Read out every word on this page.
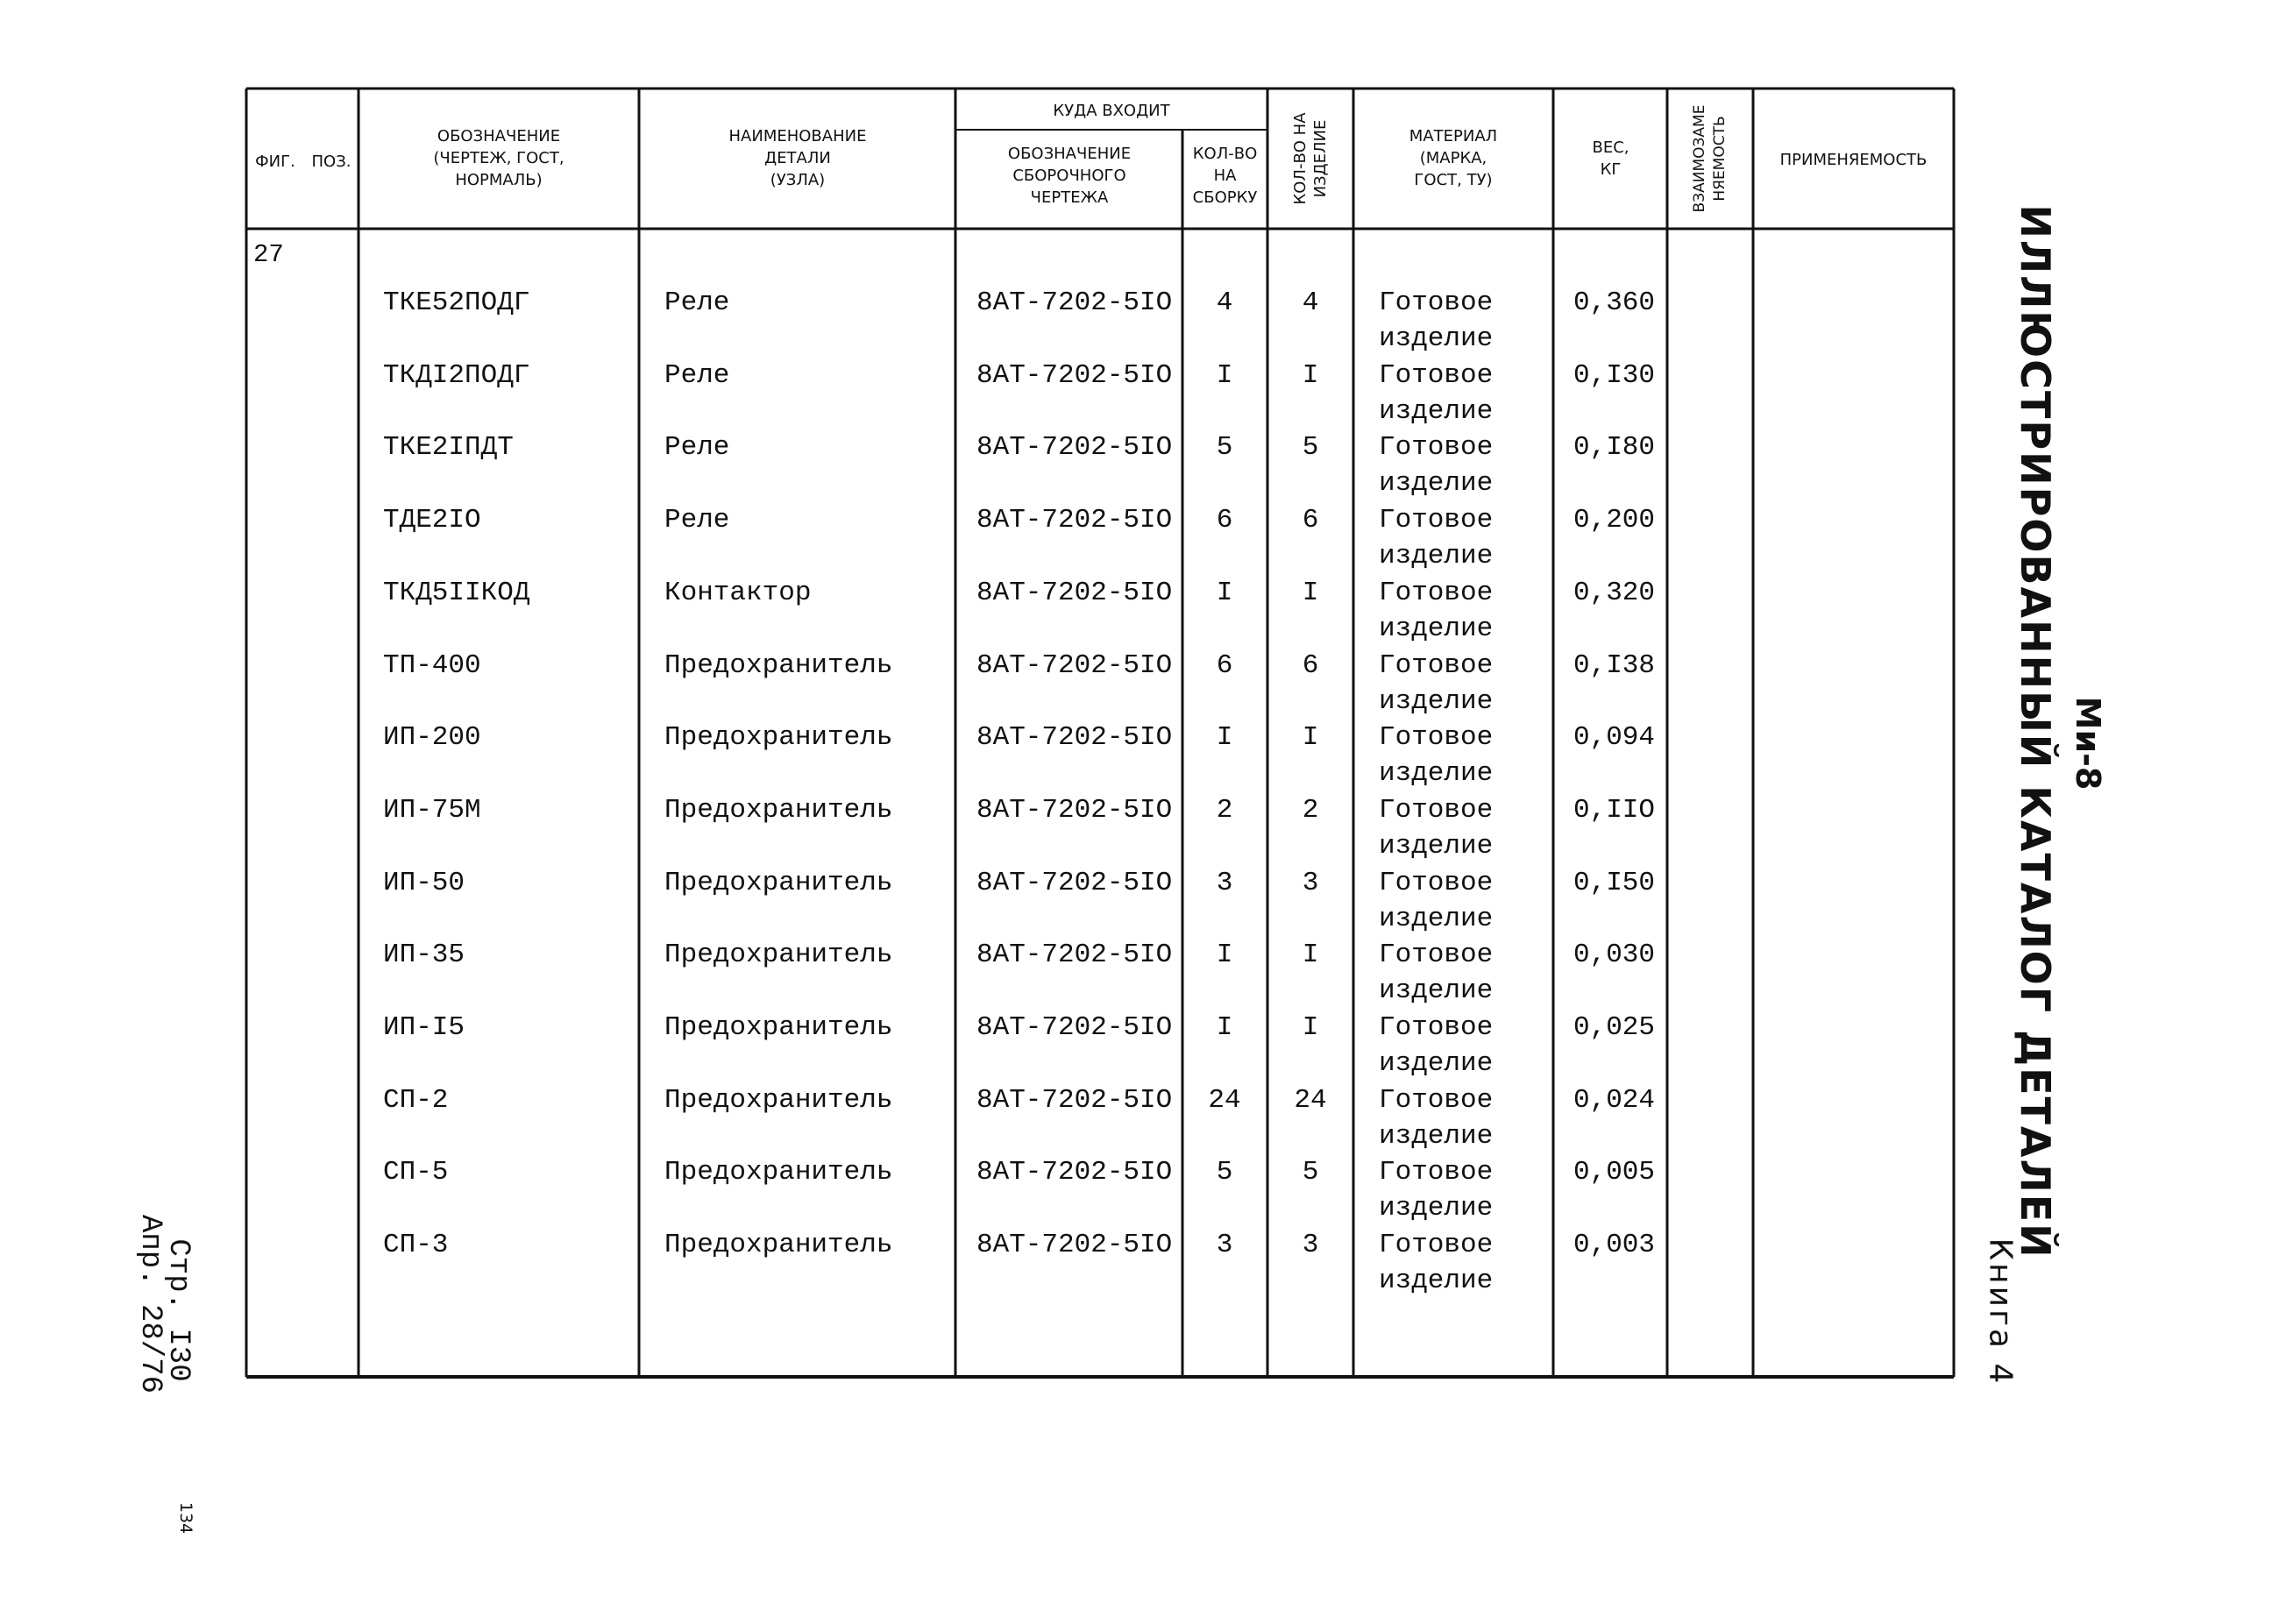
ФИГ.	ПОЗ.
ОБОЗНАЧЕНИЕ
(ЧЕРТЕЖ, ГОСТ,
НОРМАЛЬ)
НАИМЕНОВАНИЕ
ДЕТАЛИ
(УЗЛА)
КУДА ВХОДИТ
ОБОЗНАЧЕНИЕ
СБОРОЧНОГО
ЧЕРТЕЖА
КОЛ-ВО
НА
СБОРКУ	КОЛ-ВО НА
ИЗДЕЛИЕ	МАТЕРИАЛ
(МАРКА,
ГОСТ, ТУ)
ВЕС,
КГ	ВЗАИМОЗАМЕ
НЯЕМОСТЬ	ПРИМЕНЯЕМОСТЬ
27
ТКЕ52ПОДГ	Реле	8АТ-7202-5IO	4	4	Готовое	0,360
изделие
ТКДI2ПОДГ	Реле	8АТ-7202-5IO	I	I	Готовое	0,I30
изделие
ТКЕ2IПДТ	Реле	8АТ-7202-5IO	5	5	Готовое	0,I80
изделие
ТДЕ2IO	Реле	8АТ-7202-5IO	6	6	Готовое	0,200
изделие
ТКД5IIКОД	Контактор	8АТ-7202-5IO	I	I	Готовое	0,320
изделие
ТП-400	Предохранитель	8АТ-7202-5IO	6	6	Готовое	0,I38
изделие
ИП-200	Предохранитель	8АТ-7202-5IO	I	I	Готовое	0,094
изделие
ИП-75М	Предохранитель	8АТ-7202-5IO	2	2	Готовое	0,IIO
изделие
ИП-50	Предохранитель	8АТ-7202-5IO	3	3	Готовое	0,I50
изделие
ИП-35	Предохранитель	8АТ-7202-5IO	I	I	Готовое	0,030
изделие
ИП-I5	Предохранитель	8АТ-7202-5IO	I	I	Готовое	0,025
изделие
СП-2	Предохранитель	8АТ-7202-5IO	24	24	Готовое	0,024
изделие
СП-5	Предохранитель	8АТ-7202-5IO	5	5	Готовое	0,005
изделие
СП-3	Предохранитель	8АТ-7202-5IO	3	3	Готовое	0,003
изделие
Ми-8
ИЛЛЮСТРИРОВАННЫЙ КАТАЛОГ ДЕТАЛЕЙ
Книга 4
Стр. I30
Апр. 28/76
134
